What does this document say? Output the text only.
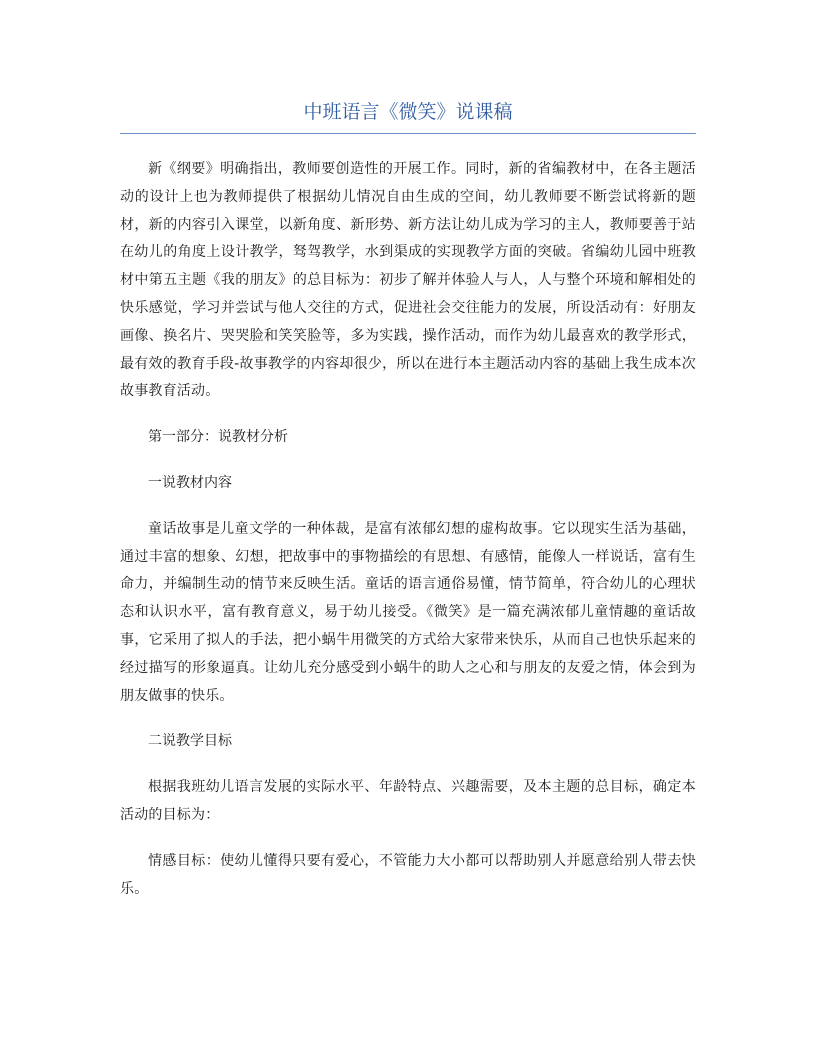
中班语言《微笑》说课稿

新《纲要》明确指出，教师要创造性的开展工作。同时，新的省编教材中，在各主题活动的设计上也为教师提供了根据幼儿情况自由生成的空间，幼儿教师要不断尝试将新的题材，新的内容引入课堂，以新角度、新形势、新方法让幼儿成为学习的主人，教师要善于站在幼儿的角度上设计教学，驽驾教学，水到渠成的实现教学方面的突破。省编幼儿园中班教材中第五主题《我的朋友》的总目标为：初步了解并体验人与人，人与整个环境和解相处的快乐感觉，学习并尝试与他人交往的方式，促进社会交往能力的发展，所设活动有：好朋友画像、换名片、哭哭脸和笑笑脸等，多为实践，操作活动，而作为幼儿最喜欢的教学形式，最有效的教育手段-故事教学的内容却很少，所以在进行本主题活动内容的基础上我生成本次故事教育活动。

第一部分：说教材分析

一说教材内容

童话故事是儿童文学的一种体裁，是富有浓郁幻想的虚构故事。它以现实生活为基础，通过丰富的想象、幻想，把故事中的事物描绘的有思想、有感情，能像人一样说话，富有生命力，并编制生动的情节来反映生活。童话的语言通俗易懂，情节简单，符合幼儿的心理状态和认识水平，富有教育意义，易于幼儿接受。《微笑》是一篇充满浓郁儿童情趣的童话故事，它采用了拟人的手法，把小蜗牛用微笑的方式给大家带来快乐，从而自己也快乐起来的经过描写的形象逼真。让幼儿充分感受到小蜗牛的助人之心和与朋友的友爱之情，体会到为朋友做事的快乐。

二说教学目标

根据我班幼儿语言发展的实际水平、年龄特点、兴趣需要，及本主题的总目标，确定本活动的目标为：

情感目标：使幼儿懂得只要有爱心，不管能力大小都可以帮助别人并愿意给别人带去快乐。
